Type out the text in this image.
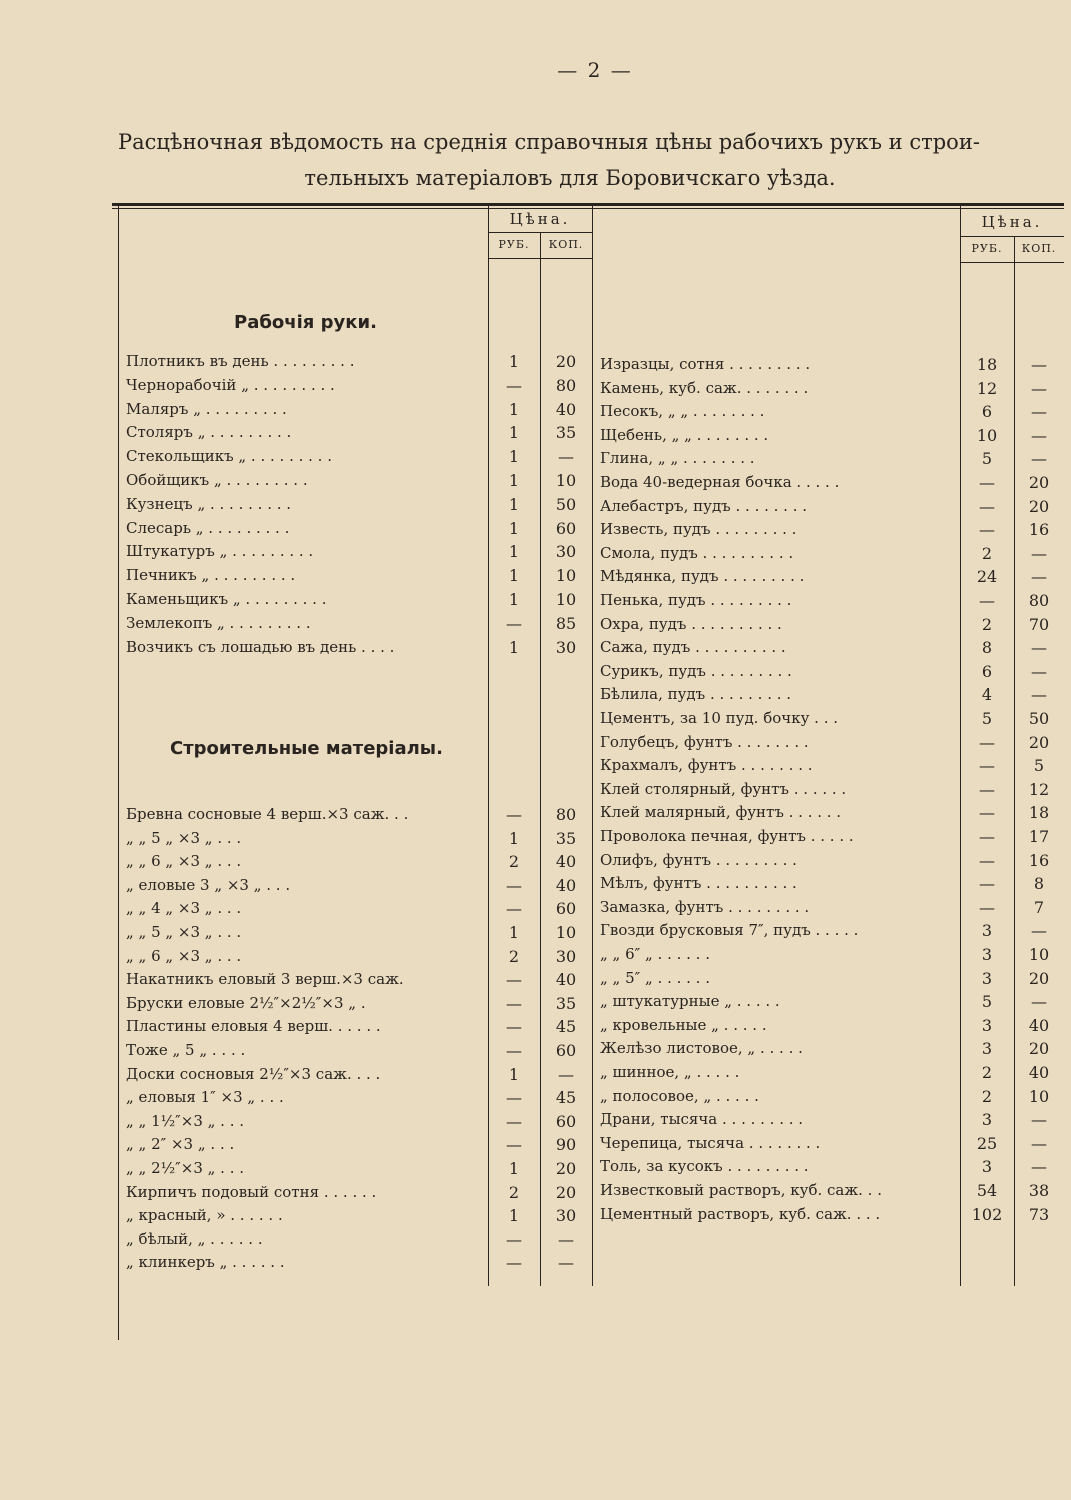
— 2 —
Расцѣночная вѣдомость на среднія справочныя цѣны рабочихъ рукъ и строи-
тельныхъ матеріаловъ для Боровичскаго уѣзда.
Цѣна.
РУБ.	КОП.
Цѣна.
РУБ.	КОП.
Рабочія руки.
Строительные матеріалы.
Плотникъ въ день . . . . . . . . .	1	20
Чернорабочій „ . . . . . . . . .	—	80
Маляръ „ . . . . . . . . .	1	40
Столяръ „ . . . . . . . . .	1	35
Стекольщикъ „ . . . . . . . . .	1	—
Обойщикъ „ . . . . . . . . .	1	10
Кузнецъ „ . . . . . . . . .	1	50
Слесарь „ . . . . . . . . .	1	60
Штукатуръ „ . . . . . . . . .	1	30
Печникъ „ . . . . . . . . .	1	10
Каменьщикъ „ . . . . . . . . .	1	10
Землекопъ „ . . . . . . . . .	—	85
Возчикъ съ лошадью въ день . . . .	1	30
Бревна сосновые 4 верш.×3 саж. . .	—	80
„ „ 5 „ ×3 „ . . .	1	35
„ „ 6 „ ×3 „ . . .	2	40
„ еловые 3 „ ×3 „ . . .	—	40
„ „ 4 „ ×3 „ . . .	—	60
„ „ 5 „ ×3 „ . . .	1	10
„ „ 6 „ ×3 „ . . .	2	30
Накатникъ еловый 3 верш.×3 саж.	—	40
Бруски еловые 2½″×2½″×3 „ .	—	35
Пластины еловыя 4 верш. . . . . .	—	45
Тоже „ 5 „ . . . .	—	60
Доски сосновыя 2½″×3 саж. . . .	1	—
„ еловыя 1″ ×3 „ . . .	—	45
„ „ 1½″×3 „ . . .	—	60
„ „ 2″ ×3 „ . . .	—	90
„ „ 2½″×3 „ . . .	1	20
Кирпичъ подовый сотня . . . . . .	2	20
„ красный, » . . . . . .	1	30
„ бѣлый, „ . . . . . .	—	—
„ клинкеръ „ . . . . . .	—	—
Изразцы, сотня . . . . . . . . .	18	—
Камень, куб. саж. . . . . . . .	12	—
Песокъ, „ „ . . . . . . . .	6	—
Щебень, „ „ . . . . . . . .	10	—
Глина, „ „ . . . . . . . .	5	—
Вода 40-ведерная бочка . . . . .	—	20
Алебастръ, пудъ . . . . . . . .	—	20
Известь, пудъ . . . . . . . . .	—	16
Смола, пудъ . . . . . . . . . .	2	—
Мѣдянка, пудъ . . . . . . . . .	24	—
Пенька, пудъ . . . . . . . . .	—	80
Охра, пудъ . . . . . . . . . .	2	70
Сажа, пудъ . . . . . . . . . .	8	—
Сурикъ, пудъ . . . . . . . . .	6	—
Бѣлила, пудъ . . . . . . . . .	4	—
Цементъ, за 10 пуд. бочку . . .	5	50
Голубецъ, фунтъ . . . . . . . .	—	20
Крахмалъ, фунтъ . . . . . . . .	—	5
Клей столярный, фунтъ . . . . . .	—	12
Клей малярный, фунтъ . . . . . .	—	18
Проволока печная, фунтъ . . . . .	—	17
Олифъ, фунтъ . . . . . . . . .	—	16
Мѣлъ, фунтъ . . . . . . . . . .	—	8
Замазка, фунтъ . . . . . . . . .	—	7
Гвозди брусковыя 7″, пудъ . . . . .	3	—
„ „ 6″ „ . . . . . .	3	10
„ „ 5″ „ . . . . . .	3	20
„ штукатурные „ . . . . .	5	—
„ кровельные „ . . . . .	3	40
Желѣзо листовое, „ . . . . .	3	20
„ шинное, „ . . . . .	2	40
„ полосовое, „ . . . . .	2	10
Драни, тысяча . . . . . . . . .	3	—
Черепица, тысяча . . . . . . . .	25	—
Толь, за кусокъ . . . . . . . . .	3	—
Известковый растворъ, куб. саж. . .	54	38
Цементный растворъ, куб. саж. . . .	102	73
